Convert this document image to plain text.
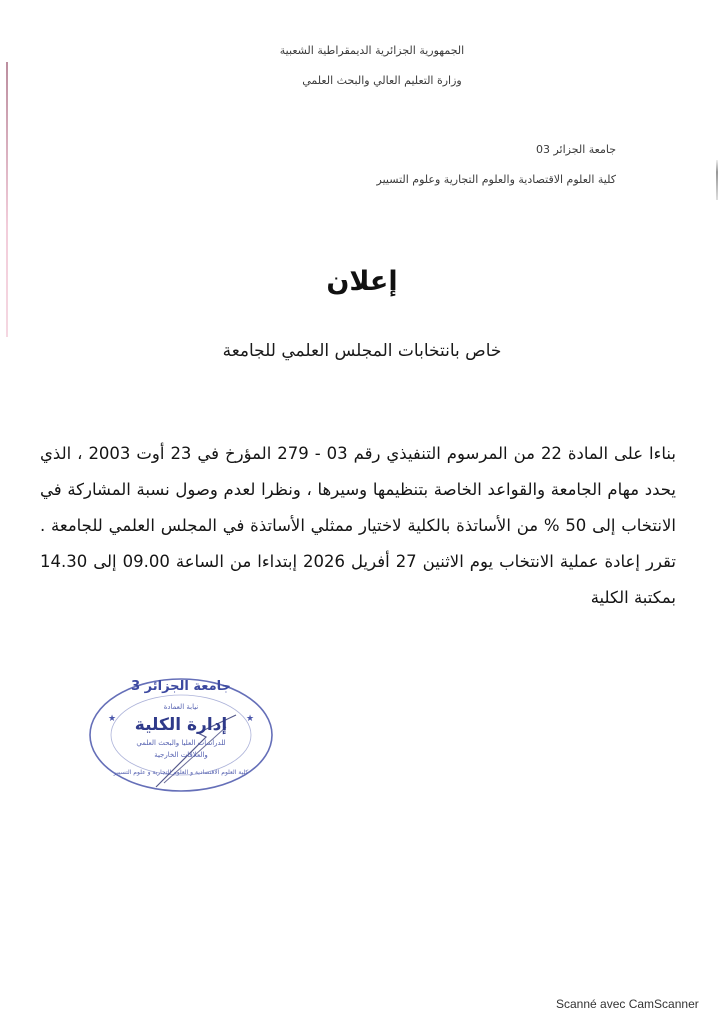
الجمهورية الجزائرية الديمقراطية الشعبية
وزارة التعليم العالي والبحث العلمي
جامعة الجزائر 03
كلية العلوم الاقتصادية والعلوم التجارية وعلوم التسيير
إعلان
خاص بانتخابات المجلس العلمي للجامعة
بناءا على المادة 22 من المرسوم التنفيذي رقم 03 - 279 المؤرخ في 23 أوت 2003 ، الذي يحدد مهام الجامعة والقواعد الخاصة بتنظيمها وسيرها ، ونظرا لعدم وصول نسبة المشاركة في الانتخاب إلى 50 % من الأساتذة بالكلية لاختيار ممثلي الأساتذة في المجلس العلمي للجامعة . تقرر إعادة عملية الانتخاب يوم الاثنين 27 أفريل 2026 إبتداءا من الساعة 09.00 إلى 14.30 بمكتبة الكلية
★	★
جامعة الجزائر 3
نيابة العمادة
إدارة الكلية
للدراسات العليا والبحث العلمي
والعلاقات الخارجية
كلية العلوم الاقتصادية و العلوم التجارية و علوم التسيير
Scanné avec CamScanner
